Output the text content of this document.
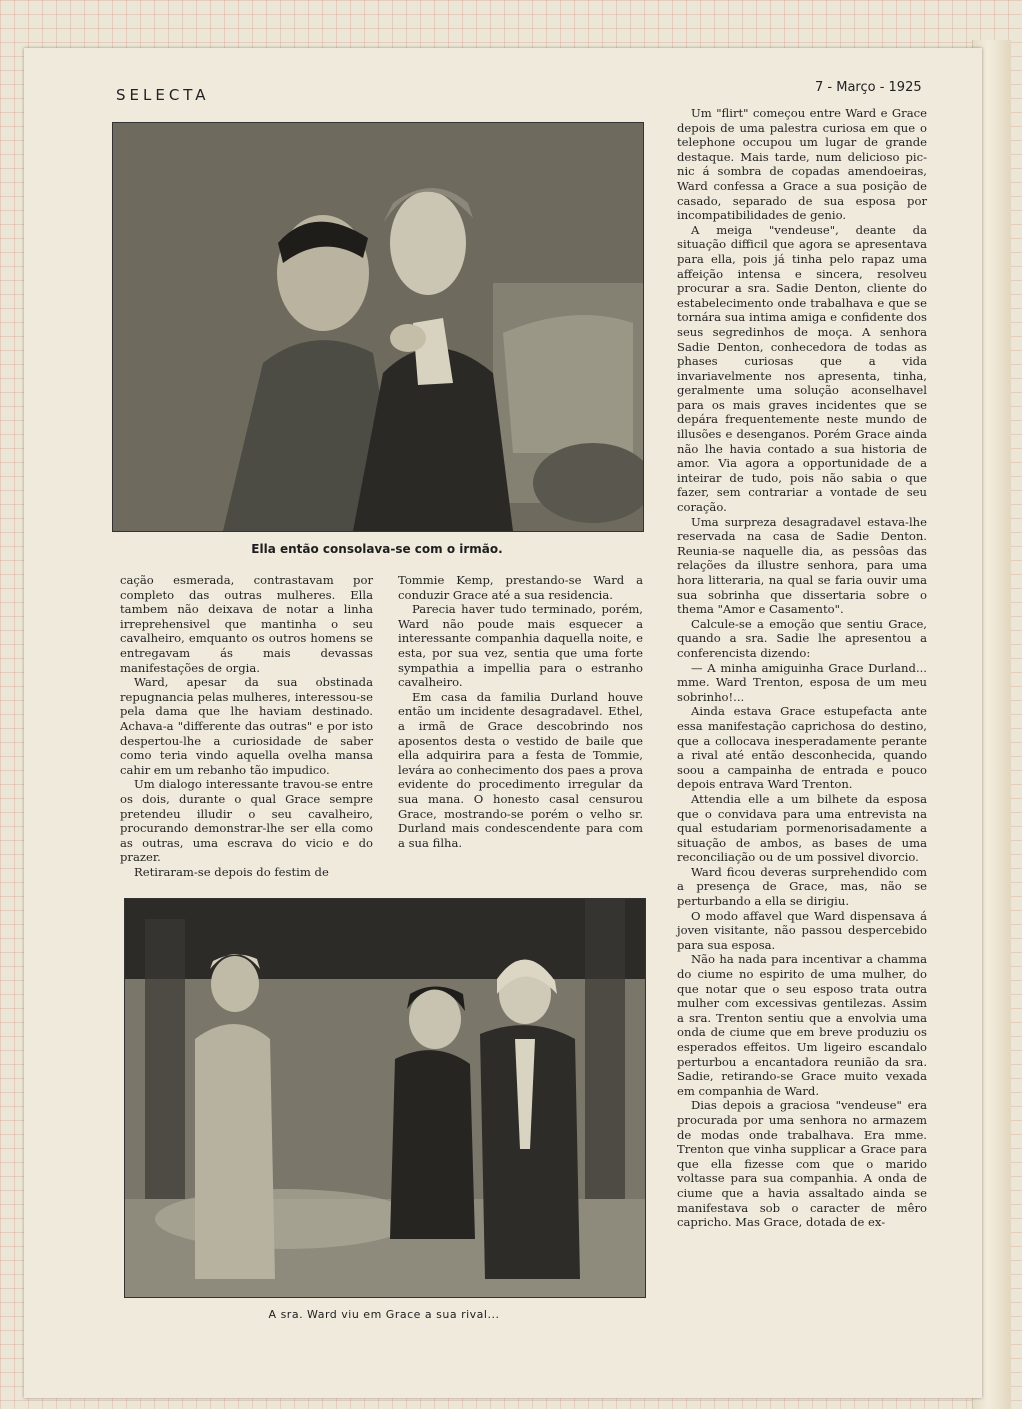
SELECTA	7 - Março - 1925
Ella então consolava-se com o irmão.
A sra. Ward viu em Grace a sua rival...

cação esmerada, contrastavam por completo das outras mulheres. Ella tambem não deixava de notar a linha irreprehensivel que mantinha o seu cavalheiro, emquanto os outros homens se entregavam ás mais devassas manifestações de orgia.

Ward, apesar da sua obstinada repugnancia pelas mulheres, interessou-se pela dama que lhe haviam destinado. Achava-a "differente das outras" e por isto despertou-lhe a curiosidade de saber como teria vindo aquella ovelha mansa cahir em um rebanho tão impudico.

Um dialogo interessante travou-se entre os dois, durante o qual Grace sempre pretendeu illudir o seu cavalheiro, procurando demonstrar-lhe ser ella como as outras, uma escrava do vicio e do prazer.

Retiraram-se depois do festim de

Tommie Kemp, prestando-se Ward a conduzir Grace até a sua residencia.

Parecia haver tudo terminado, porém, Ward não poude mais esquecer a interessante companhia daquella noite, e esta, por sua vez, sentia que uma forte sympathia a impellia para o estranho cavalheiro.

Em casa da familia Durland houve então um incidente desagradavel. Ethel, a irmã de Grace descobrindo nos aposentos desta o vestido de baile que ella adquirira para a festa de Tommie, levára ao conhecimento dos paes a prova evidente do procedimento irregular da sua mana. O honesto casal censurou Grace, mostrando-se porém o velho sr. Durland mais condescendente para com a sua filha.

Um "flirt" começou entre Ward e Grace depois de uma palestra curiosa em que o telephone occupou um lugar de grande destaque. Mais tarde, num delicioso pic-nic á sombra de copadas amendoeiras, Ward confessa a Grace a sua posição de casado, separado de sua esposa por incompatibilidades de genio.

A meiga "vendeuse", deante da situação difficil que agora se apresentava para ella, pois já tinha pelo rapaz uma affeição intensa e sincera, resolveu procurar a sra. Sadie Denton, cliente do estabelecimento onde trabalhava e que se tornára sua intima amiga e confidente dos seus segredinhos de moça. A senhora Sadie Denton, conhecedora de todas as phases curiosas que a vida invariavelmente nos apresenta, tinha, geralmente uma solução aconselhavel para os mais graves incidentes que se depára frequentemente neste mundo de illusões e desenganos. Porém Grace ainda não lhe havia contado a sua historia de amor. Via agora a opportunidade de a inteirar de tudo, pois não sabia o que fazer, sem contrariar a vontade de seu coração.

Uma surpreza desagradavel estava-lhe reservada na casa de Sadie Denton. Reunia-se naquelle dia, as pessôas das relações da illustre senhora, para uma hora litteraria, na qual se faria ouvir uma sua sobrinha que dissertaria sobre o thema "Amor e Casamento".

Calcule-se a emoção que sentiu Grace, quando a sra. Sadie lhe apresentou a conferencista dizendo:

— A minha amiguinha Grace Durland... mme. Ward Trenton, esposa de um meu sobrinho!...

Ainda estava Grace estupefacta ante essa manifestação caprichosa do destino, que a collocava inesperadamente perante a rival até então desconhecida, quando soou a campainha de entrada e pouco depois entrava Ward Trenton.

Attendia elle a um bilhete da esposa que o convidava para uma entrevista na qual estudariam pormenorisadamente a situação de ambos, as bases de uma reconciliação ou de um possivel divorcio.

Ward ficou deveras surprehendido com a presença de Grace, mas, não se perturbando a ella se dirigiu.

O modo affavel que Ward dispensava á joven visitante, não passou despercebido para sua esposa.

Não ha nada para incentivar a chamma do ciume no espirito de uma mulher, do que notar que o seu esposo trata outra mulher com excessivas gentilezas. Assim a sra. Trenton sentiu que a envolvia uma onda de ciume que em breve produziu os esperados effeitos. Um ligeiro escandalo perturbou a encantadora reunião da sra. Sadie, retirando-se Grace muito vexada em companhia de Ward.

Dias depois a graciosa "vendeuse" era procurada por uma senhora no armazem de modas onde trabalhava. Era mme. Trenton que vinha supplicar a Grace para que ella fizesse com que o marido voltasse para sua companhia. A onda de ciume que a havia assaltado ainda se manifestava sob o caracter de mêro capricho. Mas Grace, dotada de ex-
